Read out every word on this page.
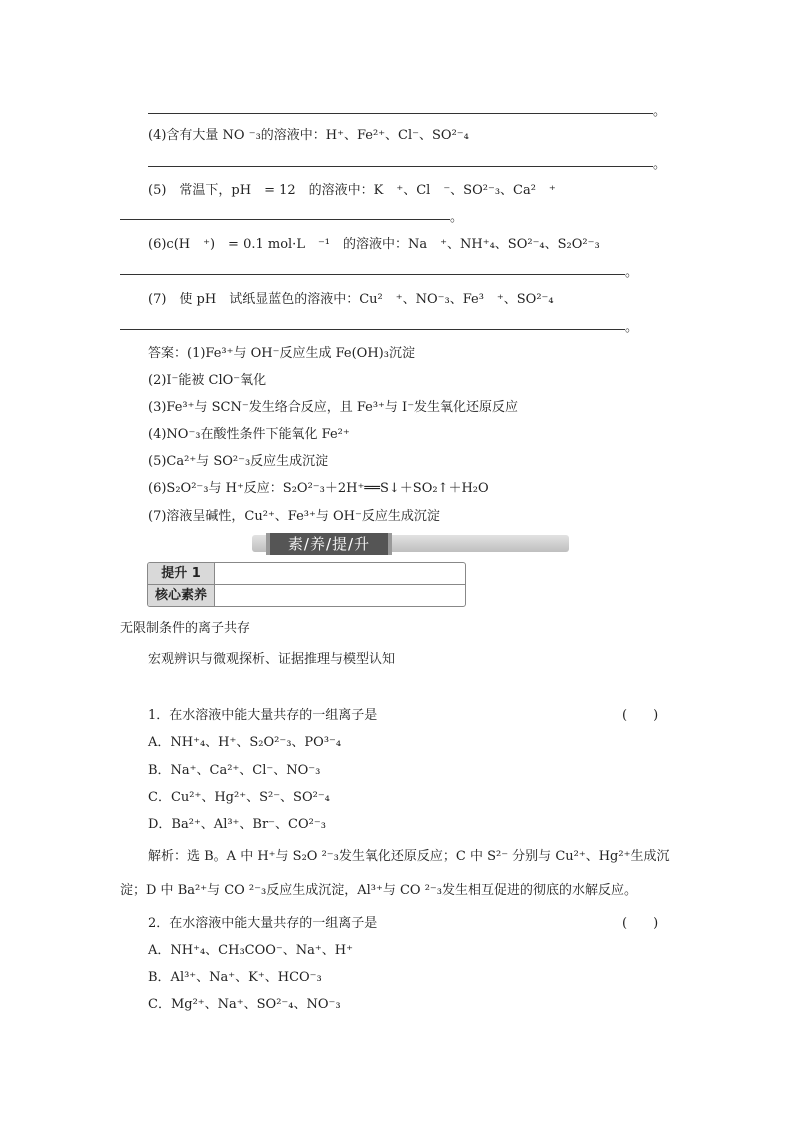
。
(4)含有大量 NO ⁻₃的溶液中：H⁺、Fe²⁺、Cl⁻、SO²⁻₄
。
(5)　常温下，pH　= 12　的溶液中：K　⁺、Cl　⁻、SO²⁻₃、Ca²　⁺
。
(6)c(H　⁺)　= 0.1 mol·L　⁻¹　的溶液中：Na　⁺、NH⁺₄、SO²⁻₄、S₂O²⁻₃
。
(7)　使 pH　试纸显蓝色的溶液中：Cu²　⁺、NO⁻₃、Fe³　⁺、SO²⁻₄
。
答案：(1)Fe³⁺与 OH⁻反应生成 Fe(OH)₃沉淀
(2)I⁻能被 ClO⁻氧化
(3)Fe³⁺与 SCN⁻发生络合反应，且 Fe³⁺与 I⁻发生氧化还原反应
(4)NO⁻₃在酸性条件下能氧化 Fe²⁺
(5)Ca²⁺与 SO²⁻₃反应生成沉淀
(6)S₂O²⁻₃与 H⁺反应：S₂O²⁻₃＋2H⁺══S↓＋SO₂↑＋H₂O
(7)溶液呈碱性，Cu²⁺、Fe³⁺与 OH⁻反应生成沉淀
素/养/提/升
提升 1
核心素养
无限制条件的离子共存
宏观辨识与微观探析、证据推理与模型认知
1．在水溶液中能大量共存的一组离子是	(　　)
A．NH⁺₄、H⁺、S₂O²⁻₃、PO³⁻₄
B．Na⁺、Ca²⁺、Cl⁻、NO⁻₃
C．Cu²⁺、Hg²⁺、S²⁻、SO²⁻₄
D．Ba²⁺、Al³⁺、Br⁻、CO²⁻₃
解析：选 B。A 中 H⁺与 S₂O ²⁻₃发生氧化还原反应；C 中 S²⁻ 分别与 Cu²⁺、Hg²⁺生成沉
淀；D 中 Ba²⁺与 CO ²⁻₃反应生成沉淀，Al³⁺与 CO ²⁻₃发生相互促进的彻底的水解反应。
2．在水溶液中能大量共存的一组离子是	(　　)
A．NH⁺₄、CH₃COO⁻、Na⁺、H⁺
B．Al³⁺、Na⁺、K⁺、HCO⁻₃
C．Mg²⁺、Na⁺、SO²⁻₄、NO⁻₃
